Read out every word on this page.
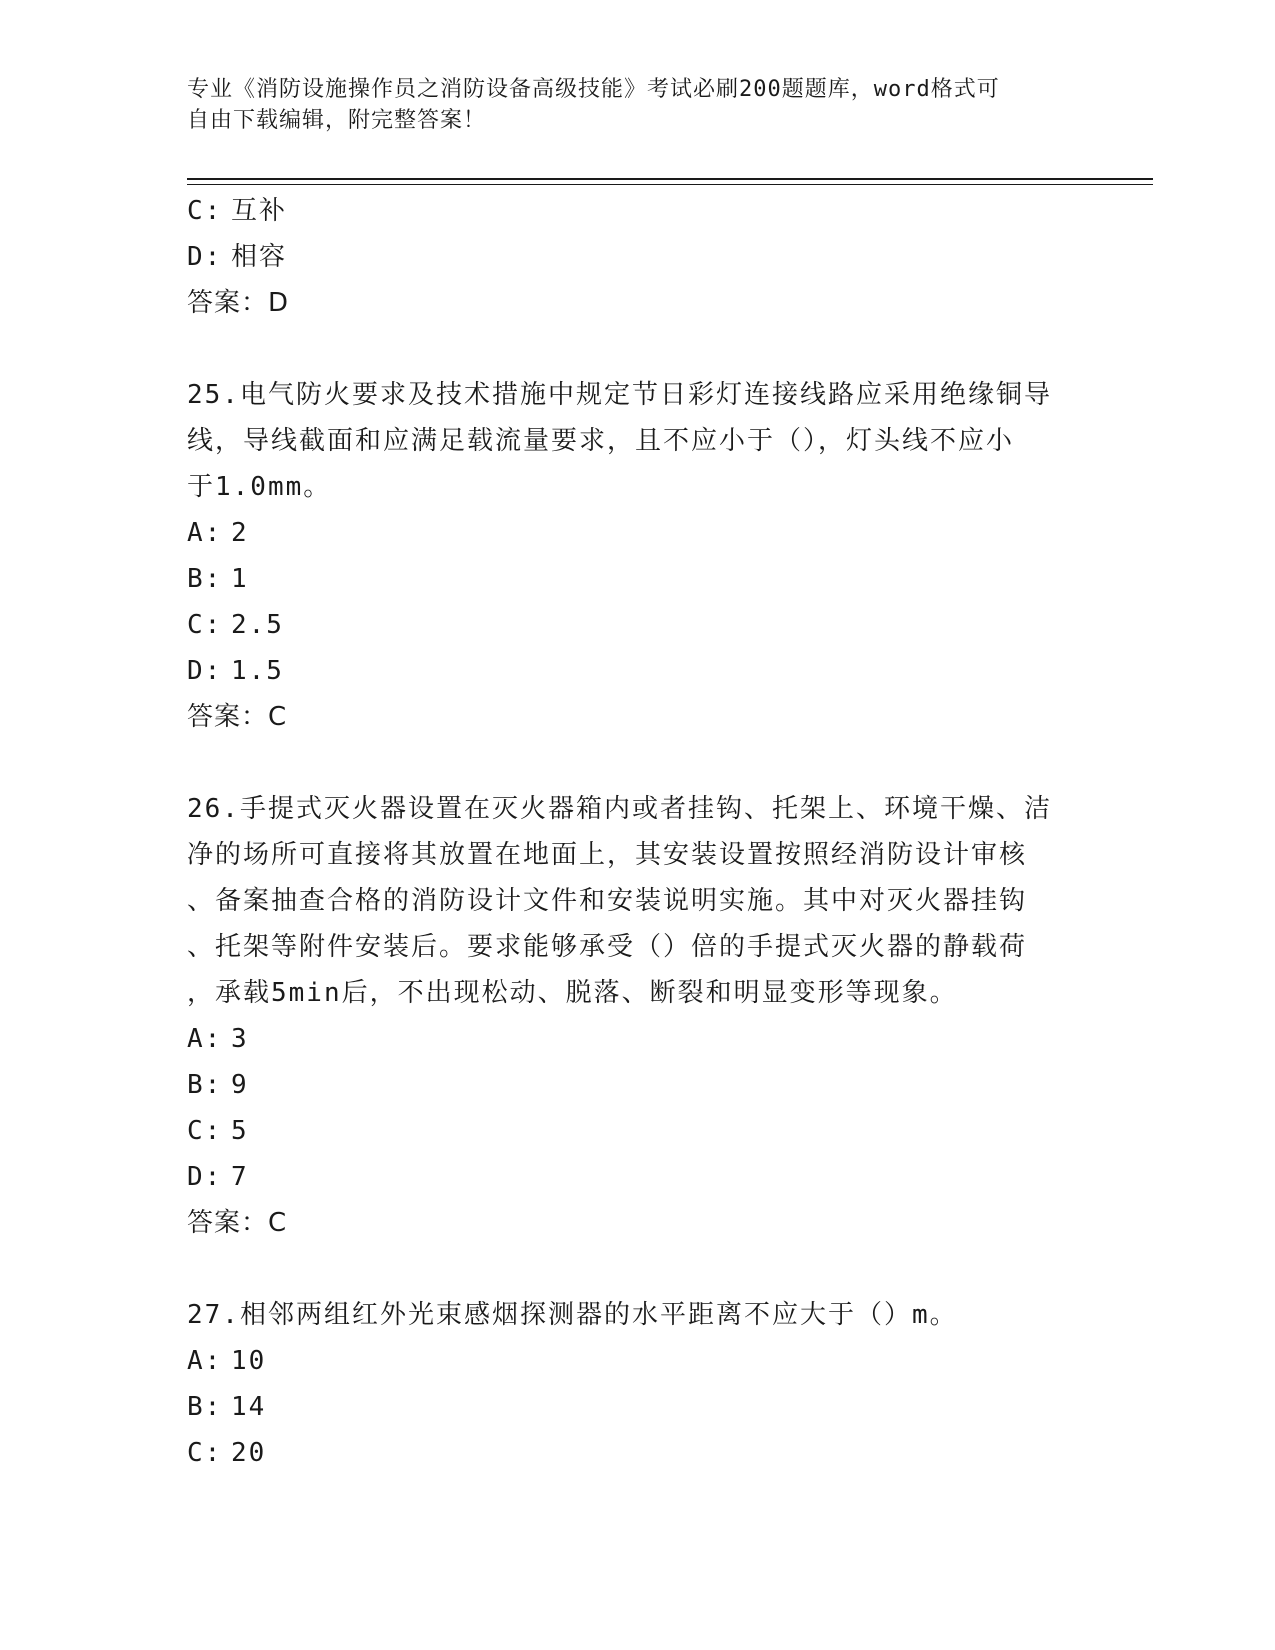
专业《消防设施操作员之消防设备高级技能》考试必刷200题题库，word格式可
自由下载编辑，附完整答案！
C: 互补
D: 相容
答案：D
25.电气防火要求及技术措施中规定节日彩灯连接线路应采用绝缘铜导
线，导线截面和应满足载流量要求，且不应小于（），灯头线不应小
于1.0mm。
A: 2
B: 1
C: 2.5
D: 1.5
答案：C
26.手提式灭火器设置在灭火器箱内或者挂钩、托架上、环境干燥、洁
净的场所可直接将其放置在地面上，其安装设置按照经消防设计审核
、备案抽查合格的消防设计文件和安装说明实施。其中对灭火器挂钩
、托架等附件安装后。要求能够承受（）倍的手提式灭火器的静载荷
，承载5min后，不出现松动、脱落、断裂和明显变形等现象。
A: 3
B: 9
C: 5
D: 7
答案：C
27.相邻两组红外光束感烟探测器的水平距离不应大于（）m。
A: 10
B: 14
C: 20
